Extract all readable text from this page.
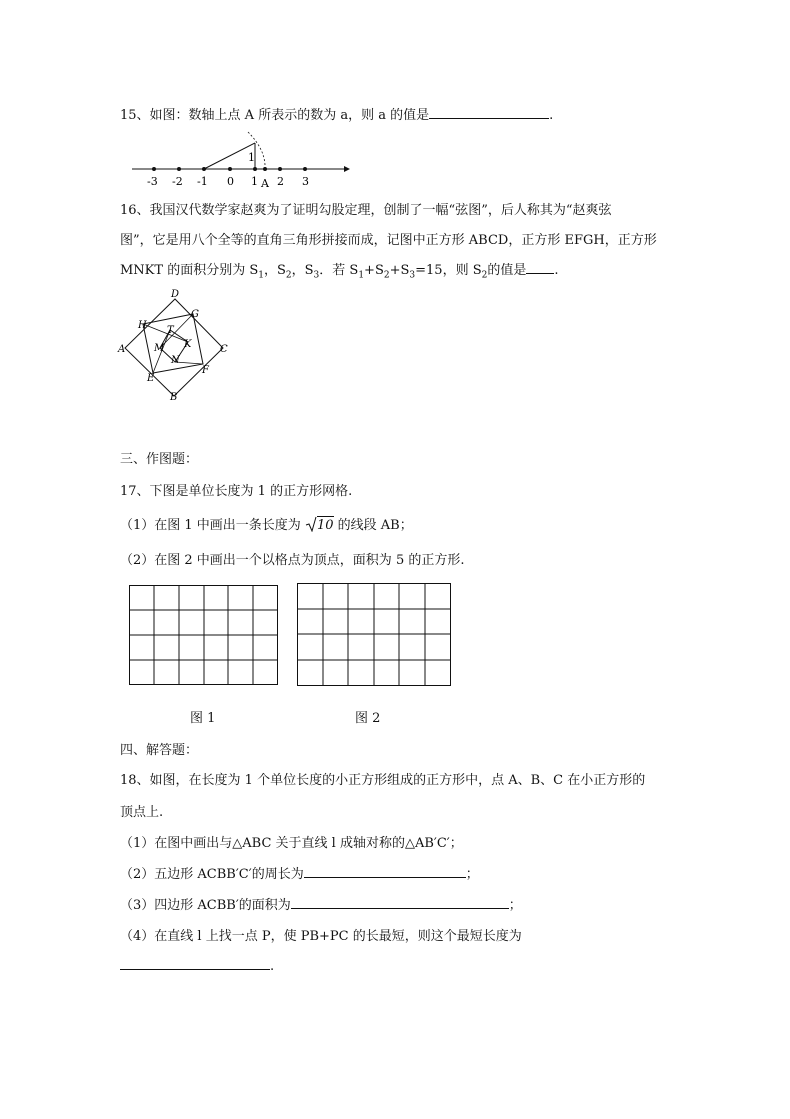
15、如图：数轴上点 A 所表示的数为 a，则 a 的值是	.
1
-3 -2 -1 0 1 A 2 3
16、我国汉代数学家赵爽为了证明勾股定理，创制了一幅“弦图”，后人称其为“赵爽弦
图”，它是用八个全等的直角三角形拼接而成，记图中正方形 ABCD，正方形 EFGH，正方形
MNKT 的面积分别为 $S_1$，$S_2$，$S_3$．若 $S_1+S_2+S_3=15$，则 $S_2$的值是 .
D
G
H T
A	M K
N
C
E
F
B
三、作图题：
17、下图是单位长度为 1 的正方形网格.
（1）在图 1 中画出一条长度为 10 的线段 AB；
（2）在图 2 中画出一个以格点为顶点，面积为 5 的正方形.
图 1	图 2
四、解答题：
18、如图，在长度为 1 个单位长度的小正方形组成的正方形中，点 A、B、C 在小正方形的
顶点上.
（1）在图中画出与△ABC 关于直线 l 成轴对称的△AB′C′；
（2）五边形 ACBB′C′的周长为	；
（3）四边形 ACBB′的面积为	；
（4）在直线 l 上找一点 P，使 PB+PC 的长最短，则这个最短长度为
.
